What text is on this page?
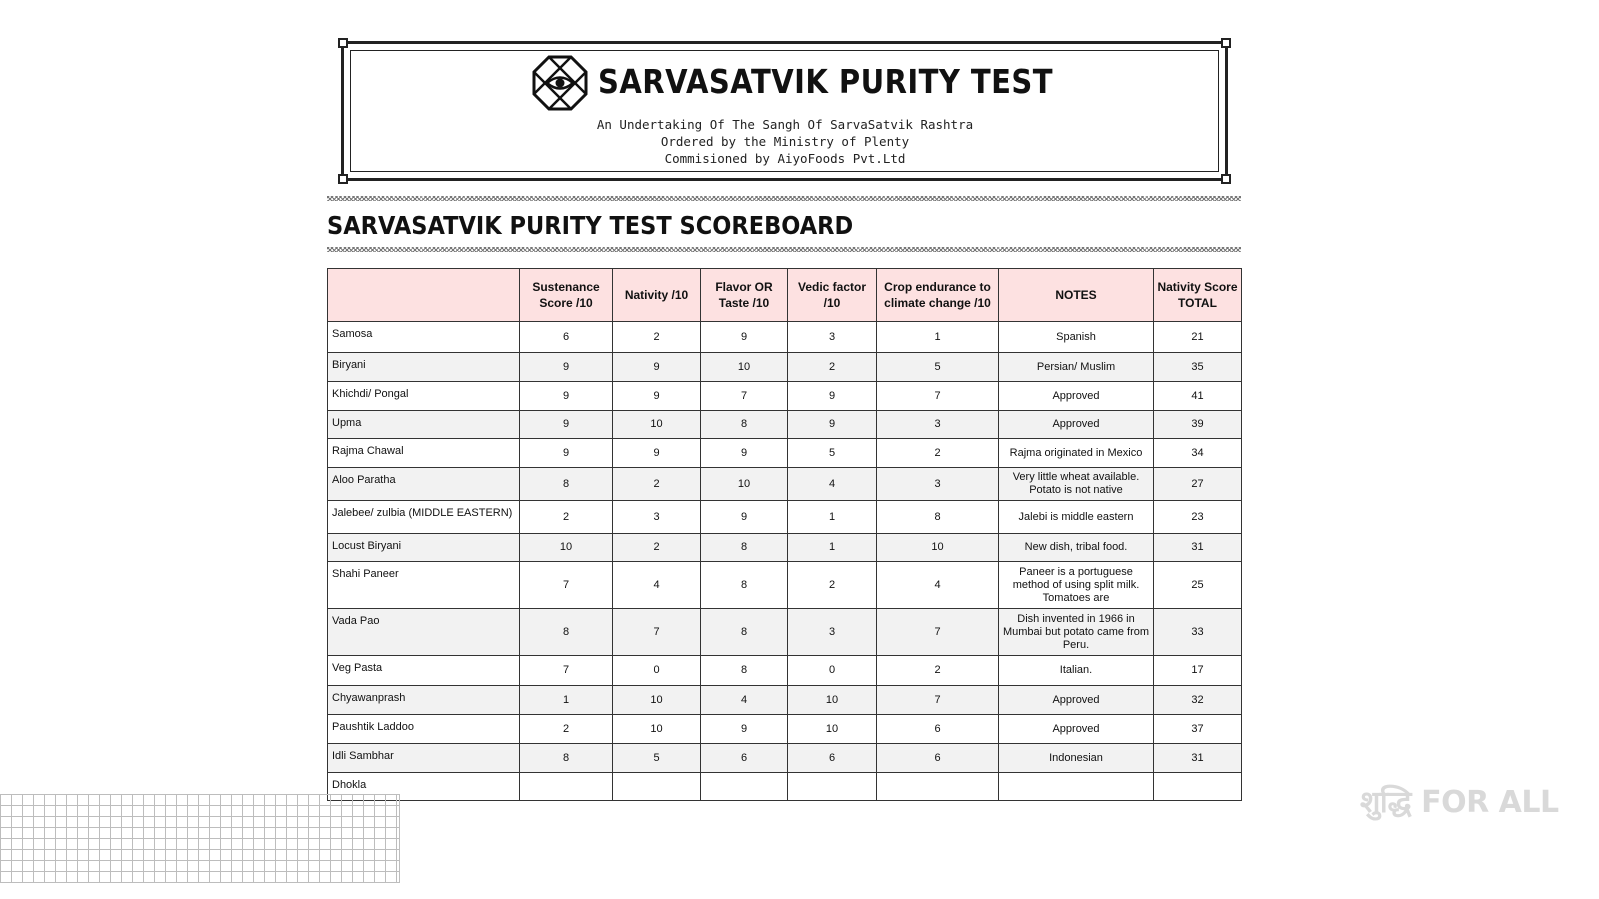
SARVASATVIK PURITY TEST
An Undertaking Of The Sangh Of SarvaSatvik Rashtra
Ordered by the Ministry of Plenty
Commisioned by AiyoFoods Pvt.Ltd
SARVASATVIK PURITY TEST SCOREBOARD
	Sustenance Score /10	Nativity /10	Flavor OR Taste /10	Vedic factor /10	Crop endurance to climate change /10	NOTES	Nativity Score TOTAL
Samosa	6	2	9	3	1	Spanish	21
Biryani	9	9	10	2	5	Persian/ Muslim	35
Khichdi/ Pongal	9	9	7	9	7	Approved	41
Upma	9	10	8	9	3	Approved	39
Rajma Chawal	9	9	9	5	2	Rajma originated in Mexico	34
Aloo Paratha	8	2	10	4	3	Very little wheat available. Potato is not native	27
Jalebee/ zulbia (MIDDLE EASTERN)	2	3	9	1	8	Jalebi is middle eastern	23
Locust Biryani	10	2	8	1	10	New dish, tribal food.	31
Shahi Paneer	7	4	8	2	4	Paneer is a portuguese method of using split milk. Tomatoes are	25
Vada Pao	8	7	8	3	7	Dish invented in 1966 in Mumbai but potato came from Peru.	33
Veg Pasta	7	0	8	0	2	Italian.	17
Chyawanprash	1	10	4	10	7	Approved	32
Paushtik Laddoo	2	10	9	10	6	Approved	37
Idli Sambhar	8	5	6	6	6	Indonesian	31
Dhokla								शुद्धि FOR ALL
